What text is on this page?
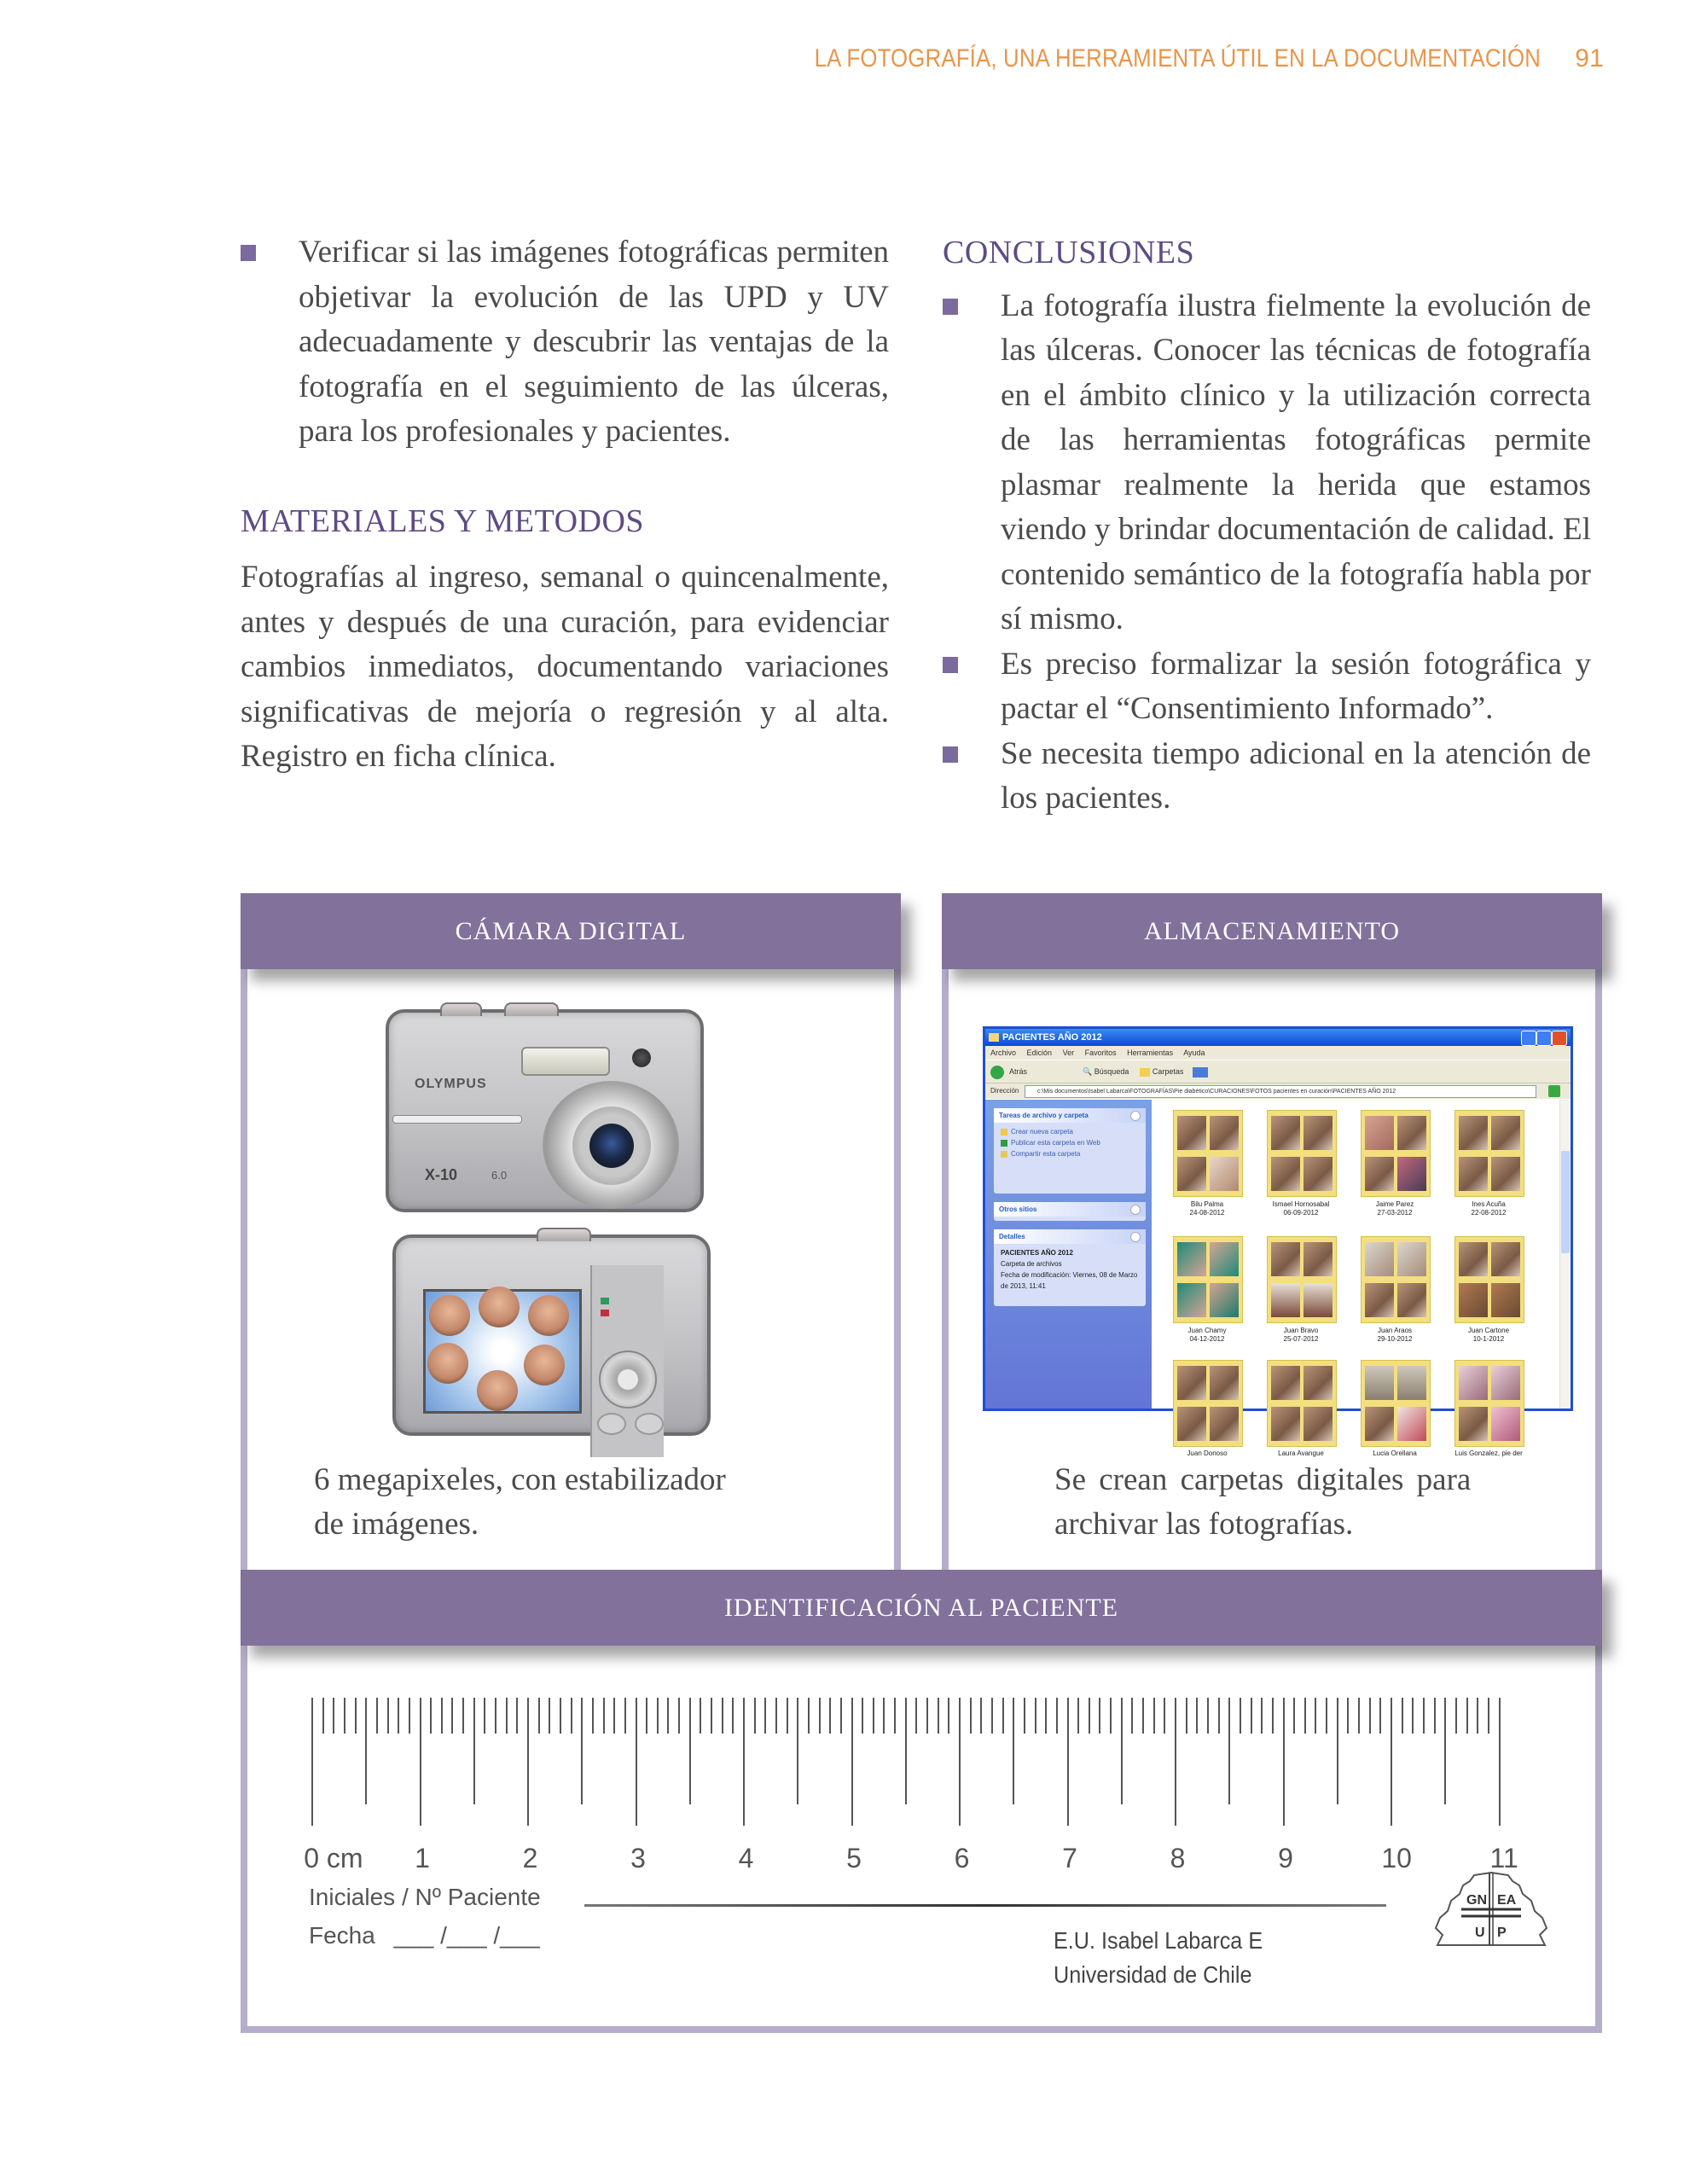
LA FOTOGRAFÍA, UNA HERRAMIENTA ÚTIL EN LA DOCUMENTACIÓN 91
Verificar si las imágenes fotográficas permiten objetivar la evolución de las UPD y UV adecuadamente y descubrir las ventajas de la fotografía en el seguimiento de las úlceras, para los profesionales y pacientes.
MATERIALES Y METODOS
Fotografías al ingreso, semanal o quincenalmente, antes y después de una curación, para evidenciar cambios inmediatos, documentando variaciones significativas de mejoría o regresión y al alta. Registro en ficha clínica.
CONCLUSIONES
La fotografía ilustra fielmente la evolución de las úlceras. Conocer las técnicas de fotografía en el ámbito clínico y la utilización correcta de las herramientas fotográficas permite plasmar realmente la herida que estamos viendo y brindar documentación de calidad. El contenido semántico de la fotografía habla por sí mismo.
Es preciso formalizar la sesión fotográfica y pactar el “Consentimiento Informado”.
Se necesita tiempo adicional en la atención de los pacientes.
CÁMARA DIGITAL
OLYMPUS
X-10	6.0
6 megapixeles, con estabilizador
de imágenes.
ALMACENAMIENTO
PACIENTES AÑO 2012
Archivo Edición Ver Favoritos Herramientas Ayuda
Atrás	🔍 Búsqueda	Carpetas
Dirección	c:\Mis documentos\Isabel Labarca\FOTOGRAFÍAS\Pie diabético\CURACIONES\FOTOS pacientes en curación\PACIENTES AÑO 2012
Tareas de archivo y carpeta
Crear nueva carpeta
Publicar esta carpeta en Web
Compartir esta carpeta
Otros sitios
Detalles
PACIENTES AÑO 2012
Carpeta de archivos
Fecha de modificación: Viernes, 08 de Marzo de 2013, 11:41
Bilu Palma
24-08-2012
Ismael Hornosabal
06-09-2012
Jaime Parez
27-03-2012
Ines Acuña
22-08-2012
Juan Chamy
04-12-2012
Juan Bravo
25-07-2012
Juan Araos
29-10-2012
Juan Cartone
10-1-2012
Juan Donoso	Laura Avangue	Lucia Orellana	Luis Gonzalez, pie der
Se crean carpetas digitales para
archivar las fotografías.
IDENTIFICACIÓN AL PACIENTE
0 cm 1	2	3	4	5	6	7	8	9	10	11
Iniciales / Nº Paciente
Fecha ___ /___ /___	E.U. Isabel Labarca E
Universidad de Chile
GN EA
U P
